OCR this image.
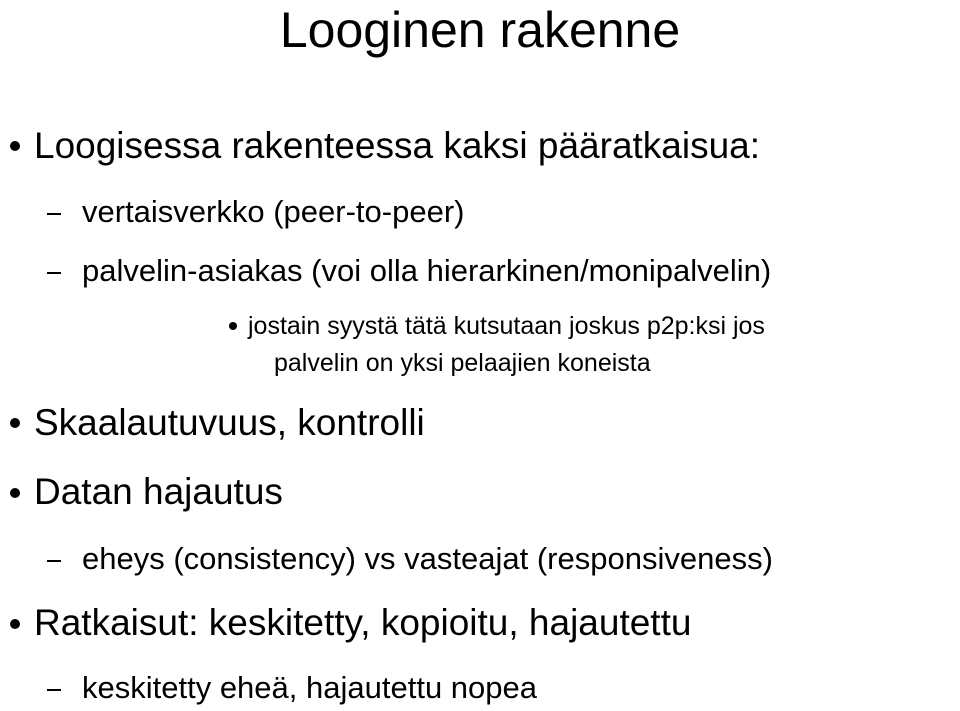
Looginen rakenne
Loogisessa rakenteessa kaksi pääratkaisua:
vertaisverkko (peer-to-peer)
palvelin-asiakas (voi olla hierarkinen/monipalvelin)
jostain syystä tätä kutsutaan joskus p2p:ksi jos
palvelin on yksi pelaajien koneista
Skaalautuvuus, kontrolli
Datan hajautus
eheys (consistency) vs vasteajat (responsiveness)
Ratkaisut: keskitetty, kopioitu, hajautettu
keskitetty eheä, hajautettu nopea
